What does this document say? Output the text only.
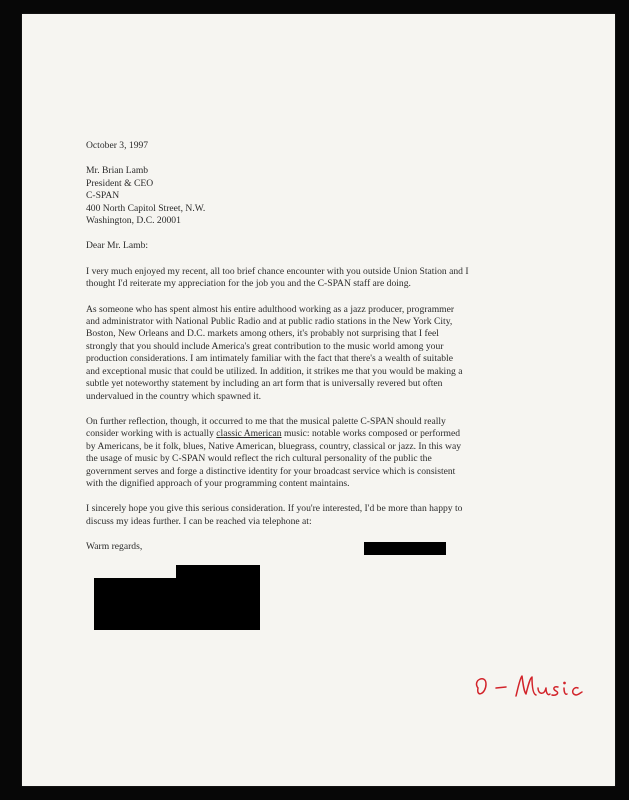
October 3, 1997
Mr. Brian Lamb
President & CEO
C-SPAN
400 North Capitol Street, N.W.
Washington, D.C. 20001
Dear Mr. Lamb:
I very much enjoyed my recent, all too brief chance encounter with you outside Union Station and I
thought I'd reiterate my appreciation for the job you and the C-SPAN staff are doing.
As someone who has spent almost his entire adulthood working as a jazz producer, programmer
and administrator with National Public Radio and at public radio stations in the New York City,
Boston, New Orleans and D.C. markets among others, it's probably not surprising that I feel
strongly that you should include America's great contribution to the music world among your
production considerations. I am intimately familiar with the fact that there's a wealth of suitable
and exceptional music that could be utilized. In addition, it strikes me that you would be making a
subtle yet noteworthy statement by including an art form that is universally revered but often
undervalued in the country which spawned it.
On further reflection, though, it occurred to me that the musical palette C-SPAN should really
consider working with is actually classic American music: notable works composed or performed
by Americans, be it folk, blues, Native American, bluegrass, country, classical or jazz. In this way
the usage of music by C-SPAN would reflect the rich cultural personality of the public the
government serves and forge a distinctive identity for your broadcast service which is consistent
with the dignified approach of your programming content maintains.
I sincerely hope you give this serious consideration. If you're interested, I'd be more than happy to
discuss my ideas further. I can be reached via telephone at:
Warm regards,
